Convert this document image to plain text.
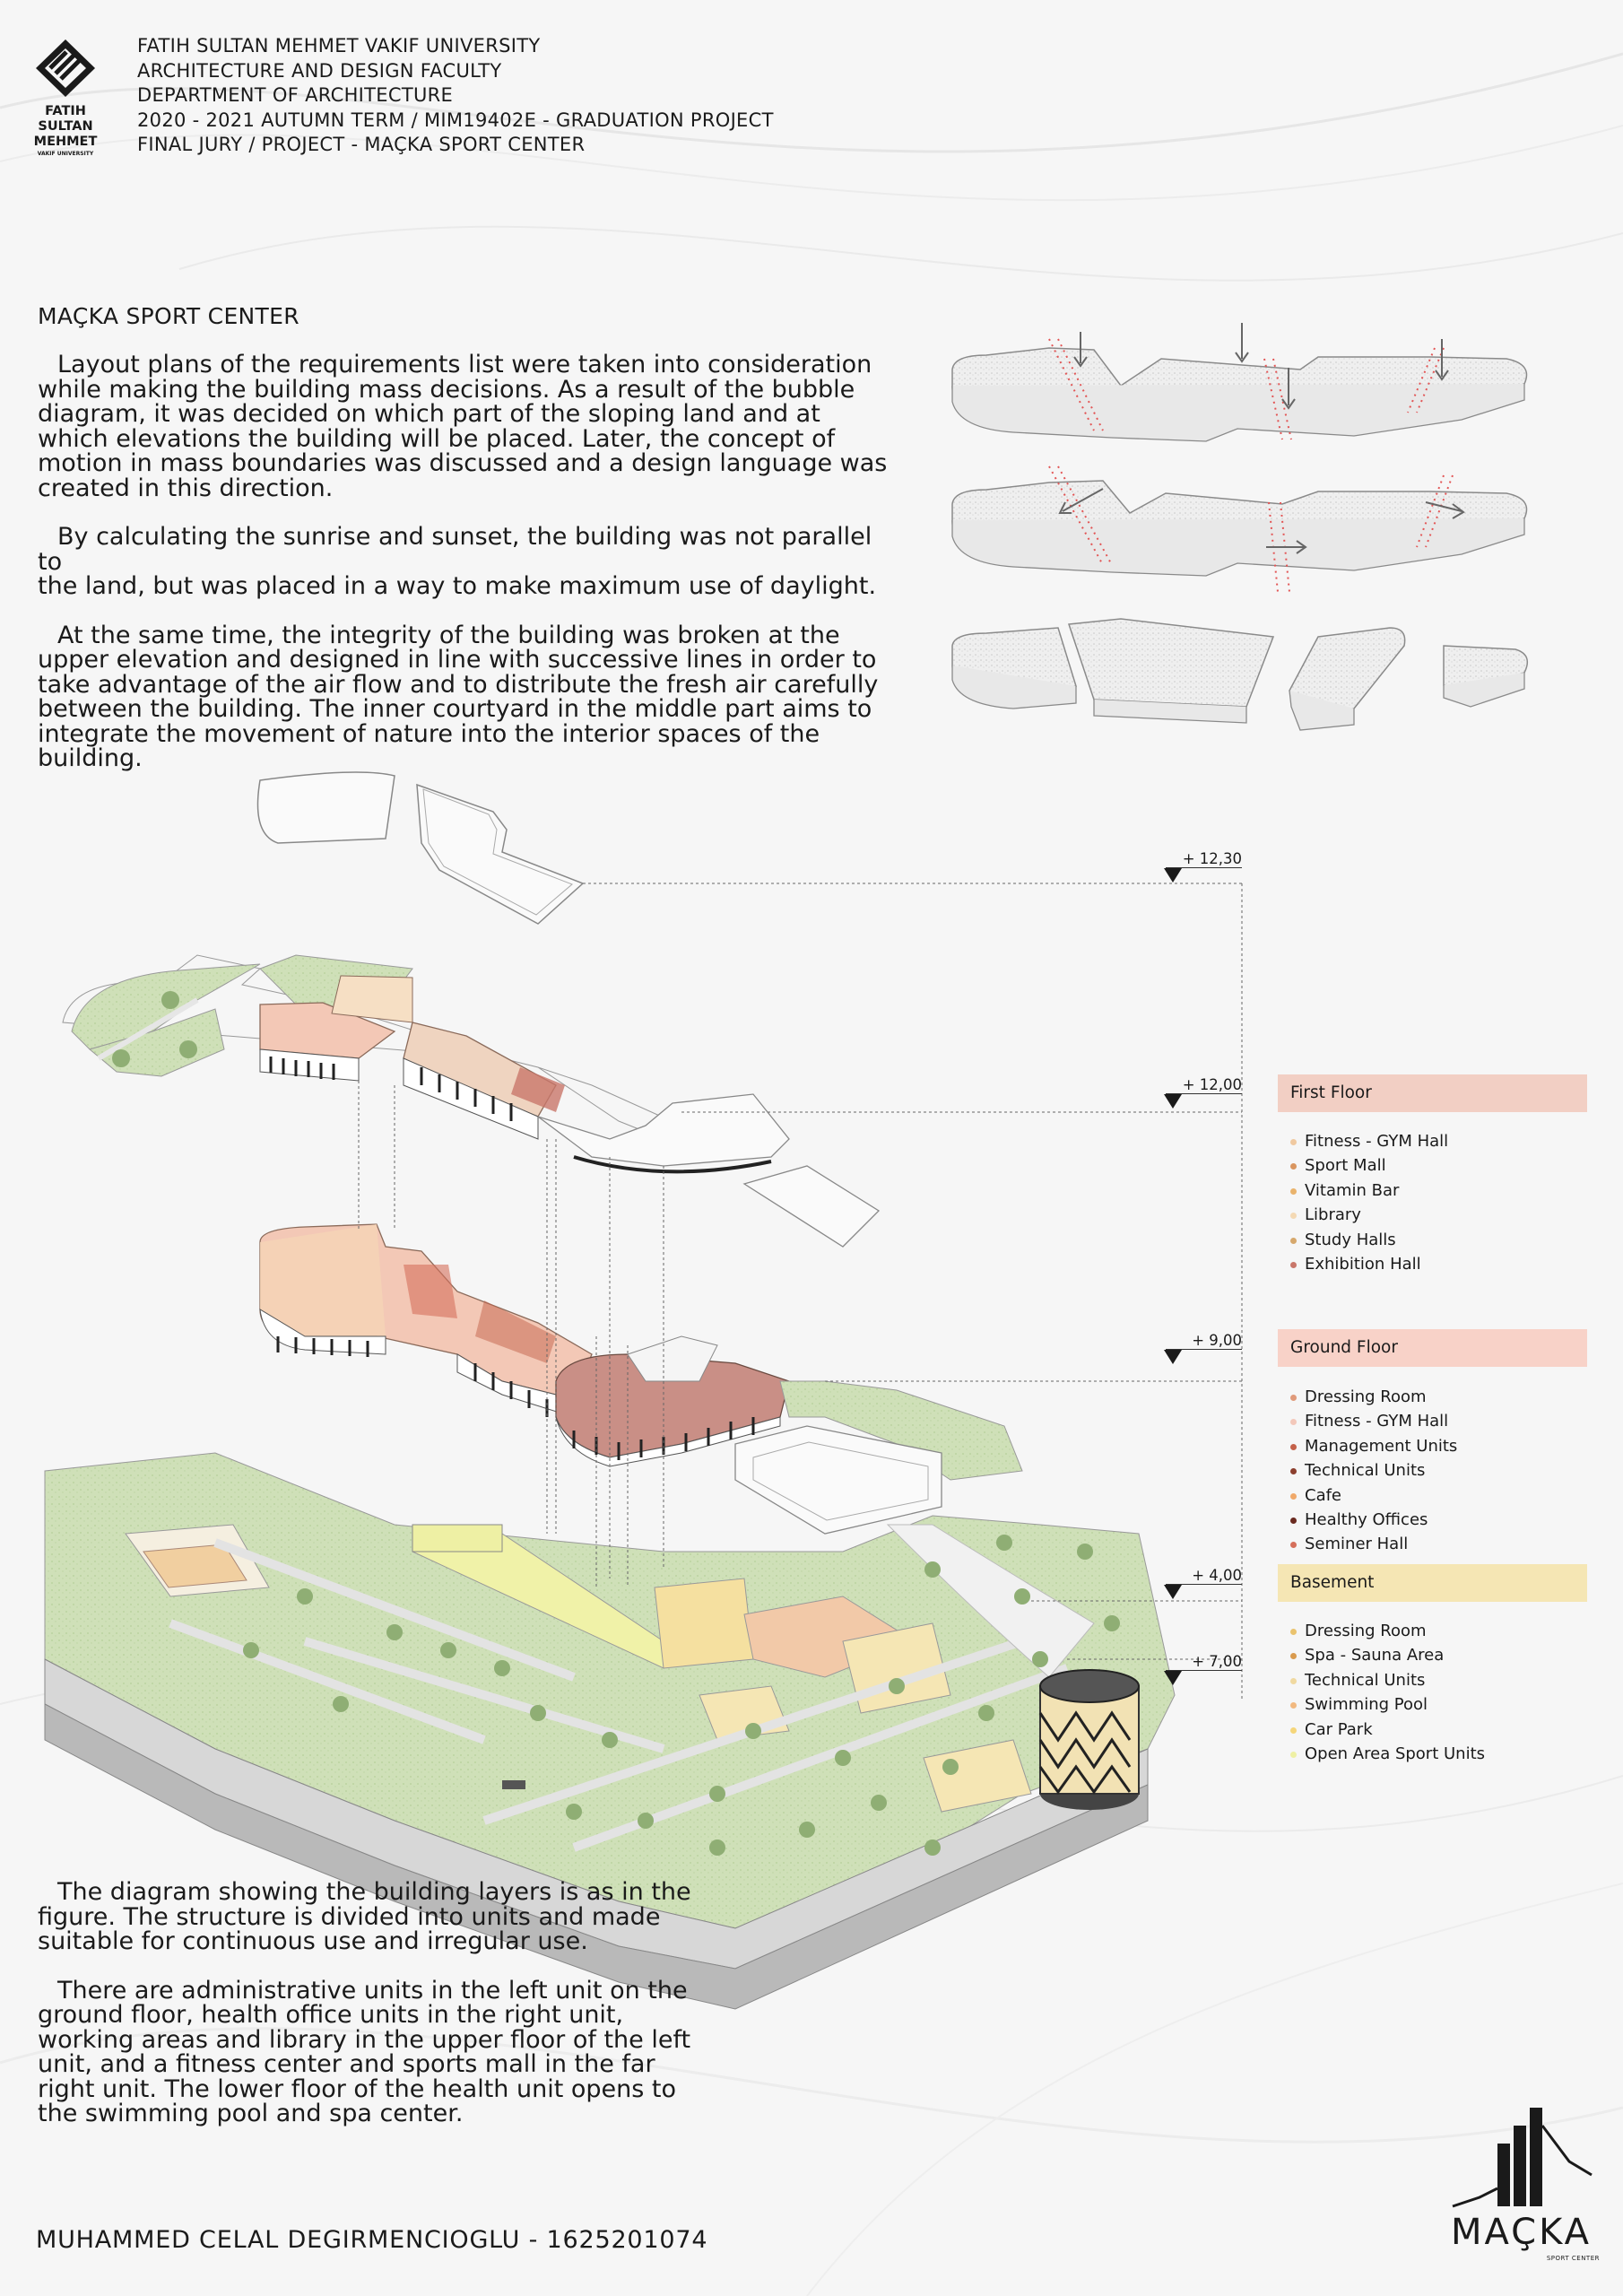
FATIH
SULTAN
MEHMET
VAKIF UNIVERSITY
FATIH SULTAN MEHMET VAKIF UNIVERSITY
ARCHITECTURE AND DESIGN FACULTY
DEPARTMENT OF ARCHITECTURE
2020 - 2021 AUTUMN TERM / MIM19402E - GRADUATION PROJECT
FINAL JURY / PROJECT - MAÇKA SPORT CENTER
MAÇKA SPORT CENTER
Layout plans of the requirements list were taken into consideration
while making the building mass decisions. As a result of the bubble
diagram, it was decided on which part of the sloping land and at
which elevations the building will be placed. Later, the concept of
motion in mass boundaries was discussed and a design language was
created in this direction.
By calculating the sunrise and sunset, the building was not parallel to
the land, but was placed in a way to make maximum use of daylight.
At the same time, the integrity of the building was broken at the
upper elevation and designed in line with successive lines in order to
take advantage of the air flow and to distribute the fresh air carefully
between the building. The inner courtyard in the middle part aims to
integrate the movement of nature into the interior spaces of the
building.
+ 12,30
+ 12,00
+ 9,00
+ 4,00
+ 7,00
First Floor
Fitness - GYM Hall
Sport Mall
Vitamin Bar
Library
Study Halls
Exhibition Hall
Ground Floor
Dressing Room
Fitness - GYM Hall
Management Units
Technical Units
Cafe
Healthy Offices
Seminer Hall
Basement
Dressing Room
Spa - Sauna Area
Technical Units
Swimming Pool
Car Park
Open Area Sport Units
The diagram showing the building layers is as in the
figure. The structure is divided into units and made
suitable for continuous use and irregular use.
There are administrative units in the left unit on the
ground floor, health office units in the right unit,
working areas and library in the upper floor of the left
unit, and a fitness center and sports mall in the far
right unit. The lower floor of the health unit opens to
the swimming pool and spa center.
MAÇKA
SPORT CENTER
MUHAMMED CELAL DEGIRMENCIOGLU - 1625201074
